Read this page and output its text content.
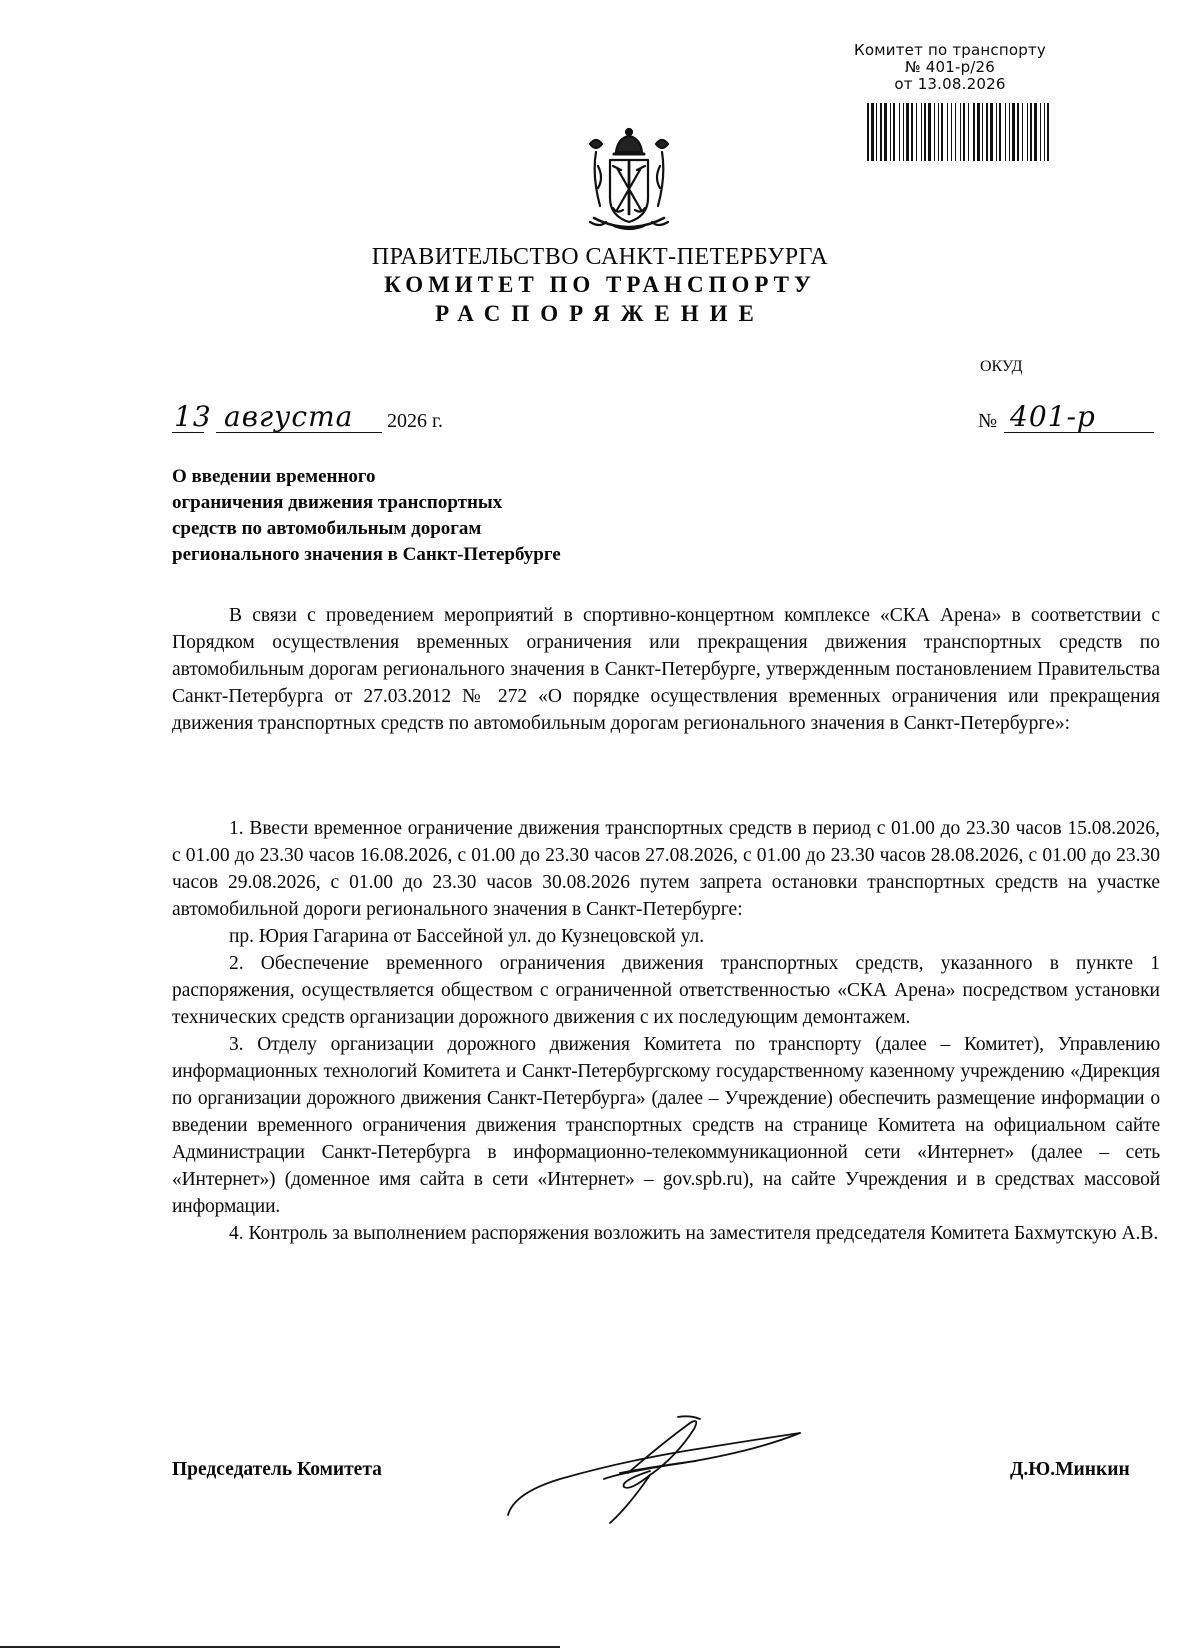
Комитет по транспорту
№ 401-р/26
от 13.08.2026
ПРАВИТЕЛЬСТВО САНКТ-ПЕТЕРБУРГА
КОМИТЕТ ПО ТРАНСПОРТУ
РАСПОРЯЖЕНИЕ
ОКУД
13 августа 2026 г.	№ 401-р
О введении временного
ограничения движения транспортных
средств по автомобильным дорогам
регионального значения в Санкт-Петербурге

В связи с проведением мероприятий в спортивно-концертном комплексе «СКА Арена» в соответствии с Порядком осуществления временных ограничения или прекращения движения транспортных средств по автомобильным дорогам регионального значения в Санкт-Петербурге, утвержденным постановлением Правительства Санкт-Петербурга от 27.03.2012 № 272 «О порядке осуществления временных ограничения или прекращения движения транспортных средств по автомобильным дорогам регионального значения в Санкт-Петербурге»:

1. Ввести временное ограничение движения транспортных средств в период с 01.00 до 23.30 часов 15.08.2026, с 01.00 до 23.30 часов 16.08.2026, с 01.00 до 23.30 часов 27.08.2026, с 01.00 до 23.30 часов 28.08.2026, с 01.00 до 23.30 часов 29.08.2026, с 01.00 до 23.30 часов 30.08.2026 путем запрета остановки транспортных средств на участке автомобильной дороги регионального значения в Санкт-Петербурге:

пр. Юрия Гагарина от Бассейной ул. до Кузнецовской ул.

2. Обеспечение временного ограничения движения транспортных средств, указанного в пункте 1 распоряжения, осуществляется обществом с ограниченной ответственностью «СКА Арена» посредством установки технических средств организации дорожного движения с их последующим демонтажем.

3. Отделу организации дорожного движения Комитета по транспорту (далее – Комитет), Управлению информационных технологий Комитета и Санкт-Петербургскому государственному казенному учреждению «Дирекция по организации дорожного движения Санкт-Петербурга» (далее – Учреждение) обеспечить размещение информации о введении временного ограничения движения транспортных средств на странице Комитета на официальном сайте Администрации Санкт-Петербурга в информационно-телекоммуникационной сети «Интернет» (далее – сеть «Интернет») (доменное имя сайта в сети «Интернет» – gov.spb.ru), на сайте Учреждения и в средствах массовой информации.

4. Контроль за выполнением распоряжения возложить на заместителя председателя Комитета Бахмутскую А.В.

Председатель Комитета	Д.Ю.Минкин
